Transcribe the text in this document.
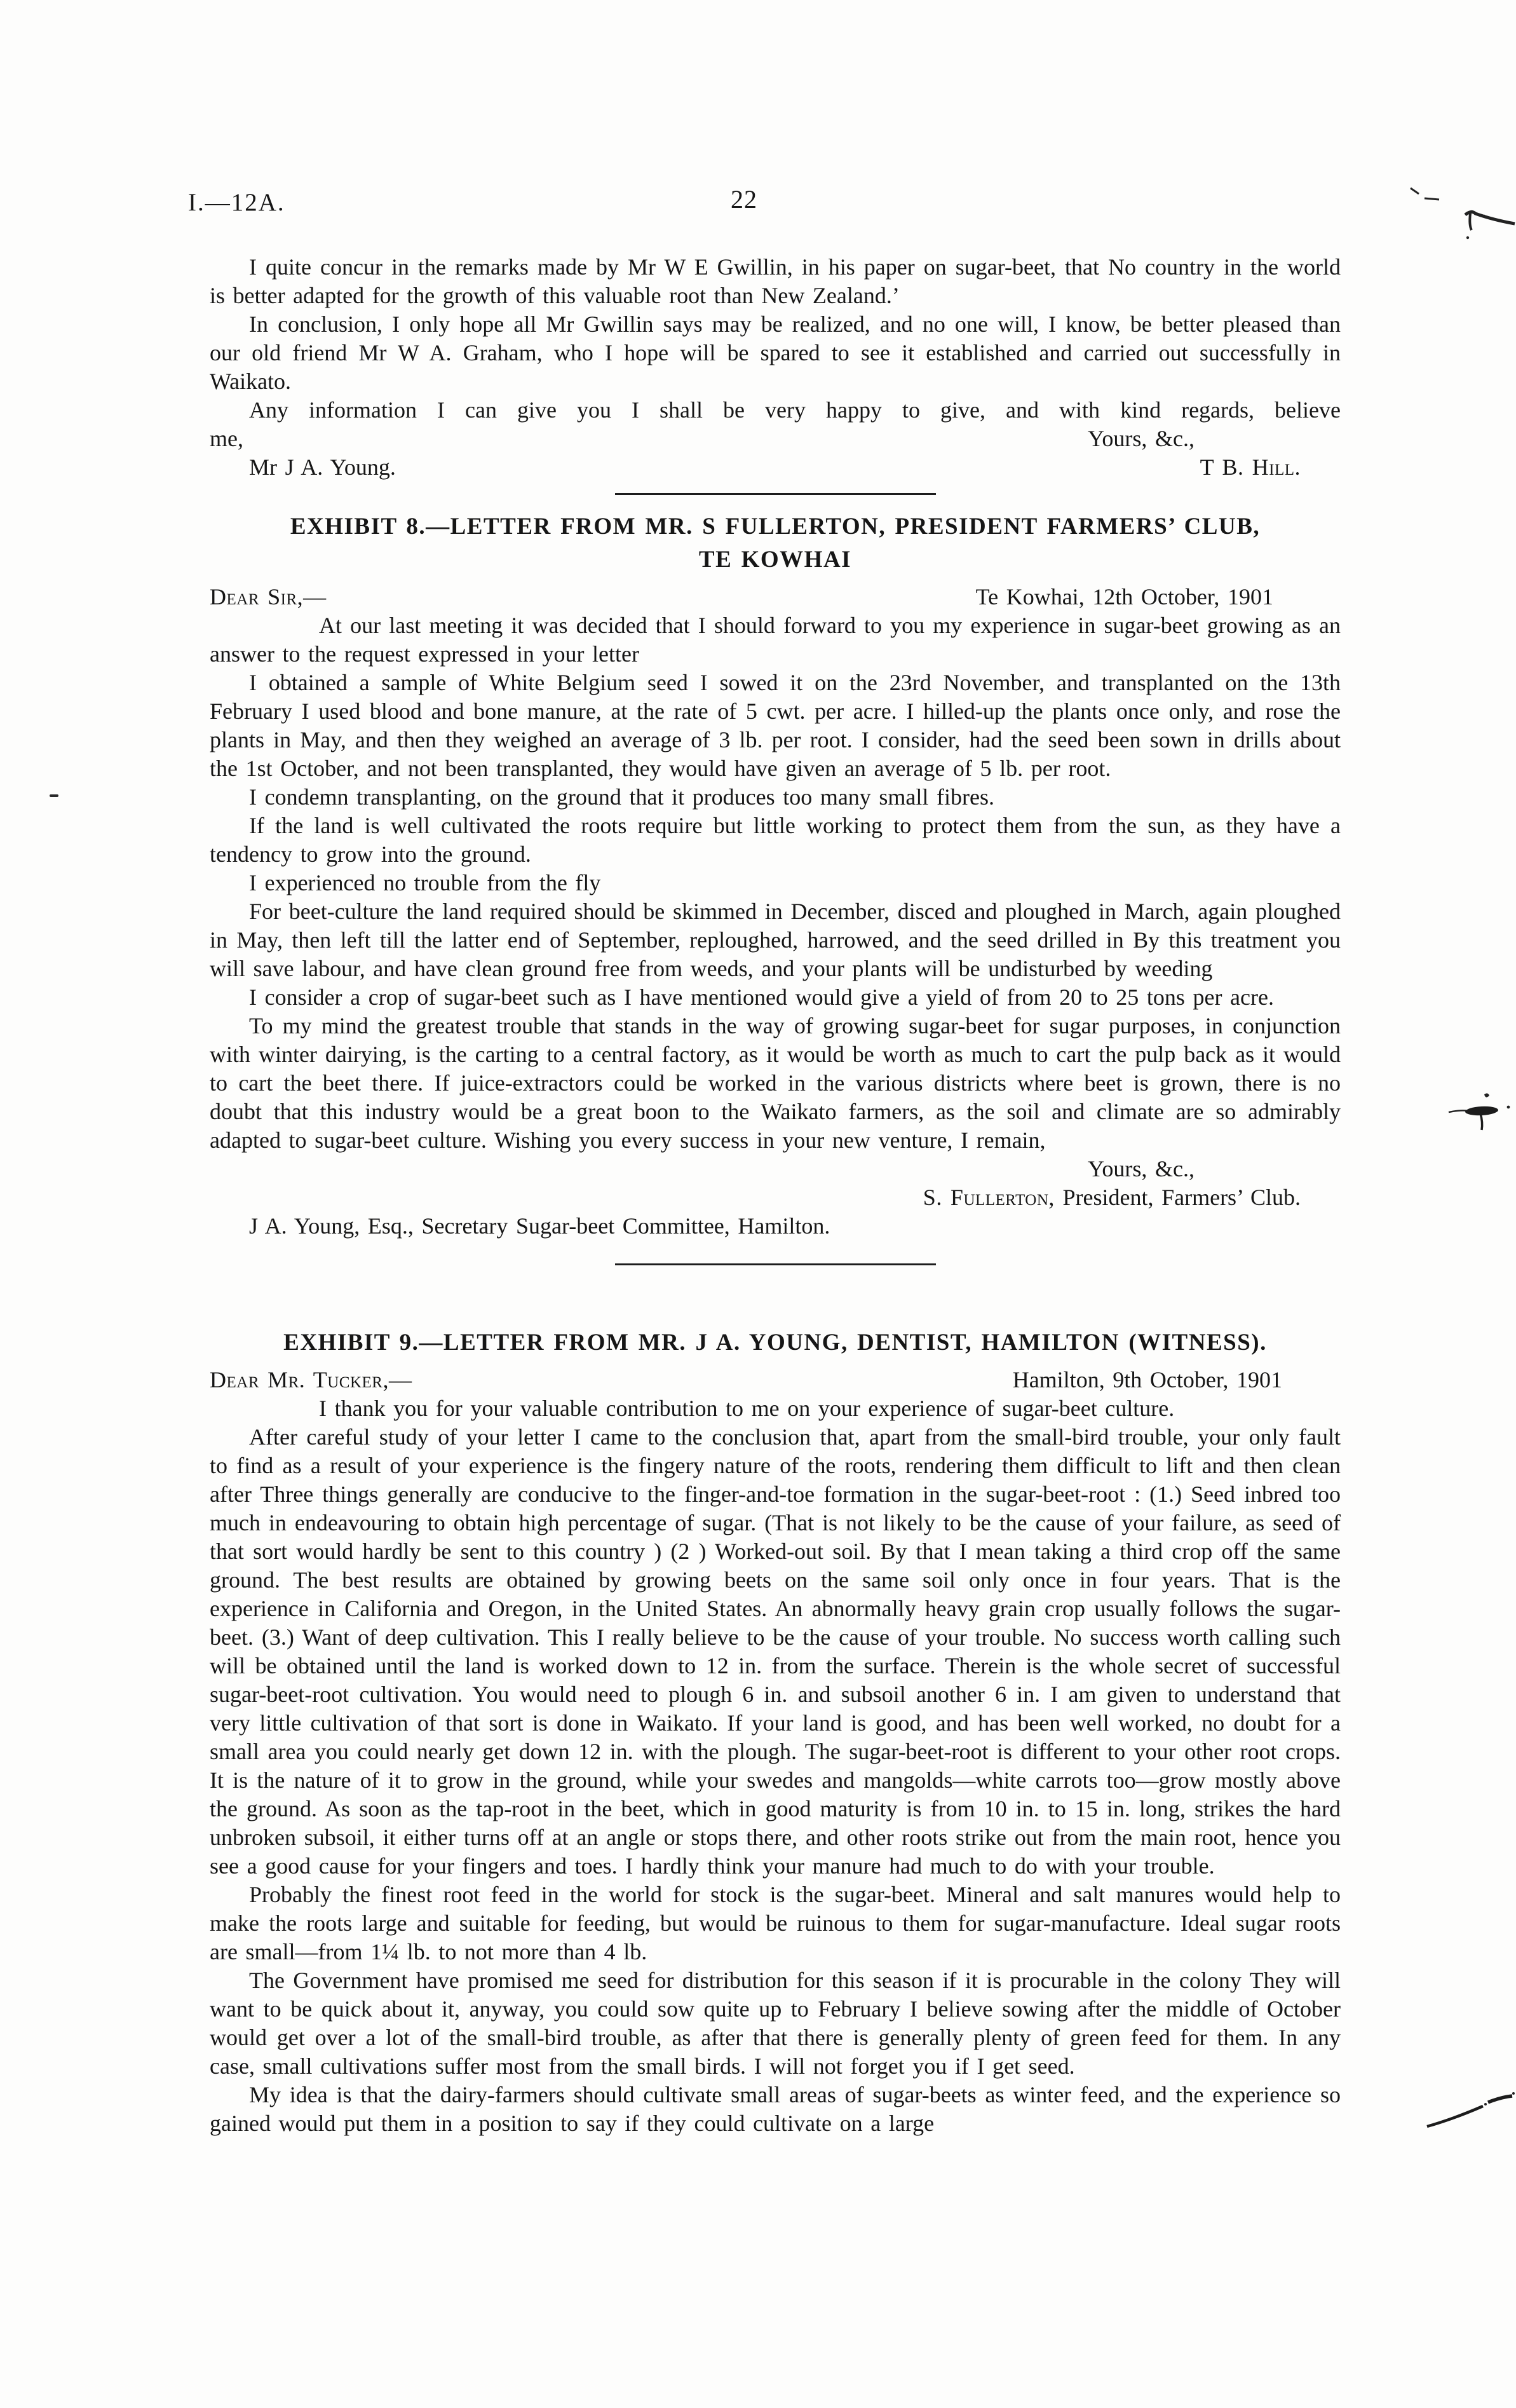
I.—12A.	22

I quite concur in the remarks made by Mr W E Gwillin, in his paper on sugar-beet, that No country in the world is better adapted for the growth of this valuable root than New Zealand.’

In conclusion, I only hope all Mr Gwillin says may be realized, and no one will, I know, be better pleased than our old friend Mr W A. Graham, who I hope will be spared to see it established and carried out successfully in Waikato.

Any information I can give you I shall be very happy to give, and with kind regards, believe

me,	Yours, &c.,
Mr J A. Young.	T B. Hill.
EXHIBIT 8.—LETTER FROM MR. S FULLERTON, PRESIDENT FARMERS’ CLUB,
TE KOWHAI
Dear Sir,—	Te Kowhai, 12th October, 1901

At our last meeting it was decided that I should forward to you my experience in sugar-beet growing as an answer to the request expressed in your letter

I obtained a sample of White Belgium seed I sowed it on the 23rd November, and transplanted on the 13th February I used blood and bone manure, at the rate of 5 cwt. per acre. I hilled-up the plants once only, and rose the plants in May, and then they weighed an average of 3 lb. per root. I consider, had the seed been sown in drills about the 1st October, and not been transplanted, they would have given an average of 5 lb. per root.

I condemn transplanting, on the ground that it produces too many small fibres.

If the land is well cultivated the roots require but little working to protect them from the sun, as they have a tendency to grow into the ground.

I experienced no trouble from the fly

For beet-culture the land required should be skimmed in December, disced and ploughed in March, again ploughed in May, then left till the latter end of September, reploughed, harrowed, and the seed drilled in By this treatment you will save labour, and have clean ground free from weeds, and your plants will be undisturbed by weeding

I consider a crop of sugar-beet such as I have mentioned would give a yield of from 20 to 25 tons per acre.

To my mind the greatest trouble that stands in the way of growing sugar-beet for sugar purposes, in conjunction with winter dairying, is the carting to a central factory, as it would be worth as much to cart the pulp back as it would to cart the beet there. If juice-extractors could be worked in the various districts where beet is grown, there is no doubt that this industry would be a great boon to the Waikato farmers, as the soil and climate are so admirably adapted to sugar-beet culture. Wishing you every success in your new venture, I remain,

Yours, &c.,
S. Fullerton, President, Farmers’ Club.
J A. Young, Esq., Secretary Sugar-beet Committee, Hamilton.
EXHIBIT 9.—LETTER FROM MR. J A. YOUNG, DENTIST, HAMILTON (WITNESS).
Dear Mr. Tucker,—	Hamilton, 9th October, 1901

I thank you for your valuable contribution to me on your experience of sugar-beet culture.

After careful study of your letter I came to the conclusion that, apart from the small-bird trouble, your only fault to find as a result of your experience is the fingery nature of the roots, rendering them difficult to lift and then clean after Three things generally are conducive to the finger-and-toe formation in the sugar-beet-root : (1.) Seed inbred too much in endeavouring to obtain high percentage of sugar. (That is not likely to be the cause of your failure, as seed of that sort would hardly be sent to this country ) (2 ) Worked-out soil. By that I mean taking a third crop off the same ground. The best results are obtained by growing beets on the same soil only once in four years. That is the experience in California and Oregon, in the United States. An abnormally heavy grain crop usually follows the sugar-beet. (3.) Want of deep cultivation. This I really believe to be the cause of your trouble. No success worth calling such will be obtained until the land is worked down to 12 in. from the surface. Therein is the whole secret of successful sugar-beet-root cultivation. You would need to plough 6 in. and subsoil another 6 in. I am given to understand that very little cultivation of that sort is done in Waikato. If your land is good, and has been well worked, no doubt for a small area you could nearly get down 12 in. with the plough. The sugar-beet-root is different to your other root crops. It is the nature of it to grow in the ground, while your swedes and mangolds—white carrots too—grow mostly above the ground. As soon as the tap-root in the beet, which in good maturity is from 10 in. to 15 in. long, strikes the hard unbroken subsoil, it either turns off at an angle or stops there, and other roots strike out from the main root, hence you see a good cause for your fingers and toes. I hardly think your manure had much to do with your trouble.

Probably the finest root feed in the world for stock is the sugar-beet. Mineral and salt manures would help to make the roots large and suitable for feeding, but would be ruinous to them for sugar-manufacture. Ideal sugar roots are small—from 1¼ lb. to not more than 4 lb.

The Government have promised me seed for distribution for this season if it is procurable in the colony They will want to be quick about it, anyway, you could sow quite up to February I believe sowing after the middle of October would get over a lot of the small-bird trouble, as after that there is generally plenty of green feed for them. In any case, small cultivations suffer most from the small birds. I will not forget you if I get seed.

My idea is that the dairy-farmers should cultivate small areas of sugar-beets as winter feed, and the experience so gained would put them in a position to say if they could cultivate on a large
